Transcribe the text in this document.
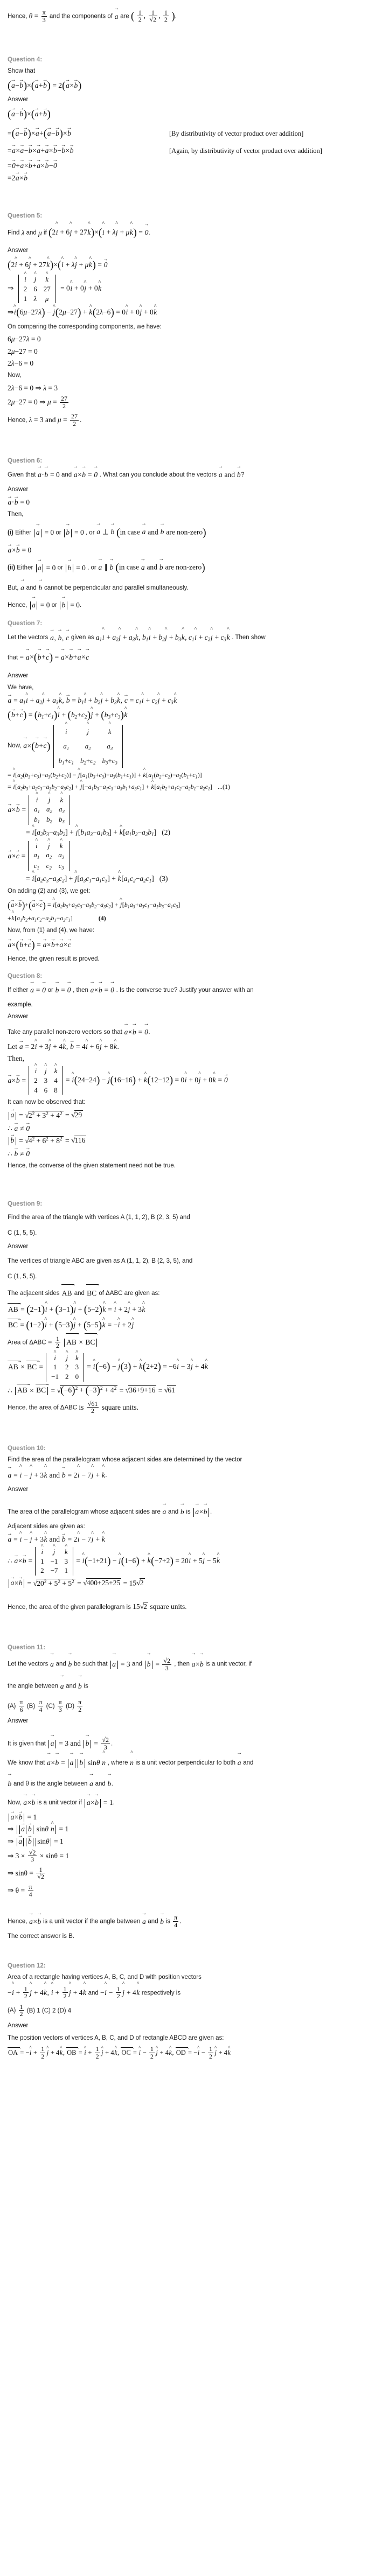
Hence, $\theta = \frac{\pi}{3}$ and the components of a → are ( $\frac{1}{2}$ , $\frac{1}{√2}$ , $\frac{1}{2}$ ).
Question 4:
Show that
(a →−b →)×(a →+b →) = 2(a →×b →)
Answer
(a →−b →)×(a →+b →)
=(a →−b →)×a →+(a →−b →)×b →	[By distributivity of vector product over addition]
=a →×a →−b →×a →+a →×b →−b →×b →	[Again, by distributivity of vector product over addition]
=0 →+a →×b →+a →×b →−0 →
=2a →×b →
Question 5:
Find λ and μ if (2i ^ + 6j ^ + 27k ^)×(i ^ + λj ^ + μk ^) = 0 →.
Answer
(2i ^ + 6j ^ + 27k ^)×(i ^ + λj ^ + μk ^) = 0 →
⇒
i ^	j ^	k ^
2	6	27
1	λ	μ
= 0i ^ + 0j ^ + 0k ^
⇒i ^(6μ−27λ) − j ^(2μ−27) + k ^(2λ−6) = 0i ^ + 0j ^ + 0k ^
On comparing the corresponding components, we have:
6μ−27λ = 0
2μ−27 = 0
2λ−6 = 0
Now,
2λ−6 = 0 ⇒ λ = 3
2μ−27 = 0 ⇒ $\mu = \frac{27}{2}$
Hence, λ = 3 and $\mu = \frac{27}{2}$ .
Question 6:
Given that a →·b → = 0 and a →×b → = 0 → . What can you conclude about the vectors a → and b →?
Answer
a →·b → = 0
Then,
(i) Either a → = 0 or b → = 0 , or a → ⊥ b → (in case a → and b → are non-zero)
a →×b → = 0
(ii) Either a → = 0 or b → = 0 , or a → ∥ b → (in case a → and b → are non-zero)
But, a → and b → cannot be perpendicular and parallel simultaneously.
Hence, a → = 0 or b → = 0.
Question 7:
Let the vectors a →, b →, c → given as $a_1i$ ^ + $a_2j$ ^ + $a_3k$ ^, $b_1i$ ^ + $b_2j$ ^ + $b_3k$ ^, $c_1i$ ^ + $c_2j$ ^ + $c_3k$ ^ . Then show
that = a →×(b →+c →) = a →×b →+a →×c →
Answer
We have,
a → = $a_1i$ ^ + $a_2j$ ^ + $a_3k$ ^, b → = $b_1i$ ^ + $b_2j$ ^ + $b_3k$ ^, c → = $c_1i$ ^ + $c_2j$ ^ + $c_3k$ ^
(b →+c →) = $(b_1+c_1)i$ ^ + $(b_2+c_2)j$ ^ + $(b_3+c_3)k$ ^
Now,
a →×(b →+c →)
i ^	j ^	k ^
$a_1$	$a_2$	$a_3$
$b_1+c_1$	$b_2+c_2$	$b_3+c_3$
= i $\^{}[a_2(b_3+c_3)-a_3(b_2+c_2)] - j$ $\^{}[a_1(b_3+c_3)-a_3(b_1+c_1)] + k$ $\^{}[a_1(b_2+c_2)-a_2(b_1+c_1)]$
= i $\^{}[a_2b_3+a_2c_3-a_3b_2-a_3c_2] + j$ $\^{}[-a_1b_3-a_1c_3+a_3b_1+a_3c_1] + k$ $\^{}[a_1b_2+a_1c_2-a_2b_1-a_2c_1]$ ...(1)
a →×b → =
i ^	j ^	k ^
$a_1$	$a_2$	$a_3$
$b_1$	$b_2$	$b_3$
= i $\^{}[a_2b_3-a_3b_2] + j$ $\^{}[b_1a_3-a_1b_3] + k$ $\^{}[a_1b_2-a_2b_1]$ (2)
a →×c → =
i ^	j ^	k ^
$a_1$	$a_2$	$a_3$
$c_1$	$c_2$	$c_3$
= i $\^{}[a_2c_3-a_3c_2] + j$ $\^{}[a_3c_1-a_1c_3] + k$ $\^{}[a_1c_2-a_2c_1]$ (3)
On adding (2) and (3), we get:
(a →×b →)+(a →×c →) = i $\^{}[a_2b_3+a_2c_3-a_3b_2-a_3c_2] + j$ $\^{}[b_1a_3+a_3c_1-a_1b_3-a_1c_3]$
+k $\^{}[a_1b_2+a_1c_2-a_2b_1-a_2c_1]$	(4)
Now, from (1) and (4), we have:
a →×(b →+c →) = a →×b →+a →×c →
Hence, the given result is proved.
Question 8:
If either a → = 0 → or b → = 0 → , then a →×b → = 0 → . Is the converse true? Justify your answer with an
example.
Answer
Take any parallel non-zero vectors so that a →×b → = 0 →.
Let a → = 2i ^ + 3j ^ + 4k ^, b → = 4i ^ + 6j ^ + 8k ^.
Then,
a →×b → =
i ^	j ^	k ^
2	3	4
4	6	8
= i ^(24−24) − j ^(16−16) + k ^(12−12) = 0i ^ + 0j ^ + 0k ^ = 0 →
It can now be observed that:
a → = $√2^2 + 3^2 + 4^2 = √29$
∴ a → ≠ 0 →
b → = $√4^2 + 6^2 + 8^2 = √116$
∴ b → ≠ 0 →
Hence, the converse of the given statement need not be true.
Question 9:
Find the area of the triangle with vertices A (1, 1, 2), B (2, 3, 5) and
C (1, 5, 5).
Answer
The vertices of triangle ABC are given as A (1, 1, 2), B (2, 3, 5), and
C (1, 5, 5).
The adjacent sides → AB and → BC of ΔABC are given as:
→ AB = (2−1)i ^ + (3−1)j ^ + (5−2)k ^ = i ^ + 2j ^ + 3k ^
→ BC = (1−2)i ^ + (5−3)j ^ + (5−5)k ^ = −i ^ + 2j ^
Area of $\Delta ABC = \frac{1}{2}$ → AB × → BC
→ AB × → BC =
i ^	j ^	k ^
1	2	3
−1	2	0
= i ^(−6) − j ^(3) + k ^(2+2) = −6i ^ − 3j ^ + 4k ^
∴ → AB × → BC = $√(-6)^2 + (-3)^2 + 4^2 = √36+9+16 = √61$
Hence, the area of ΔABC is $\frac{√61}{2}$ square units.
Question 10:
Find the area of the parallelogram whose adjacent sides are determined by the vector
a → = i ^ − j ^ + 3k ^ and b → = 2i ^ − 7j ^ + k ^.
Answer
The area of the parallelogram whose adjacent sides are a → and b → is a →×b → .
Adjacent sides are given as:
a → = i ^ − j ^ + 3k ^ and b → = 2i ^ − 7j ^ + k ^
∴ a →×b → =
i ^	j ^	k ^
1	−1	3
2	−7	1
= i ^(−1+21) − j ^(1−6) + k ^(−7+2) = 20i ^ + 5j ^ − 5k ^
a →×b → = $√20^2 + 5^2 + 5^2 = √400+25+25 = 15√2$
Hence, the area of the given parallelogram is 15√2 square units.
Question 11:
Let the vectors a → and b → be such that a → = 3 and b → = $\frac{√2}{3}$ , then a →×b → is a unit vector, if
the angle between a → and b → is
$(A) \frac{\pi}{6} (B) \frac{\pi}{4} (C) \frac{\pi}{3} (D) \frac{\pi}{2}$
Answer
It is given that a → = 3 and b → = $\frac{√2}{3}$ .
We know that a →×b → = a → b → sinθ n ^ , where n ^ is a unit vector perpendicular to both a → and
b → and θ is the angle between a → and b →.
Now, a →×b → is a unit vector if a →×b → = 1.
a →×b → = 1
⇒ a → b → sinθ n ^ = 1
⇒ a → b → sinθ = 1
⇒ $3 \times \frac{√2}{3} \times \sin\theta = 1$
⇒ $\sin\theta = \frac{1}{√2}$
⇒ $\theta = \frac{\pi}{4}$
Hence, a →×b → is a unit vector if the angle between a → and b → is $\frac{\pi}{4}$ .
The correct answer is B.
Question 12:
Area of a rectangle having vertices A, B, C, and D with position vectors
−i ^ + $\frac{1}{2}$ j ^ + 4k ^, i ^ + $\frac{1}{2}$ j ^ + 4k ^ and −i ^ − $\frac{1}{2}$ j ^ + 4k ^ respectively is
$(A) \frac{1}{2} (B)$ 1 (C) 2 (D) 4
Answer
The position vectors of vertices A, B, C, and D of rectangle ABCD are given as:
→ OA = −i ^ + $\frac{1}{2}$ j ^ + 4k ^, → OB = i ^ + $\frac{1}{2}$ j ^ + 4k ^, → OC = i ^ − $\frac{1}{2}$ j ^ + 4k ^, → OD = −i ^ − $\frac{1}{2}$ j ^ + 4k ^
